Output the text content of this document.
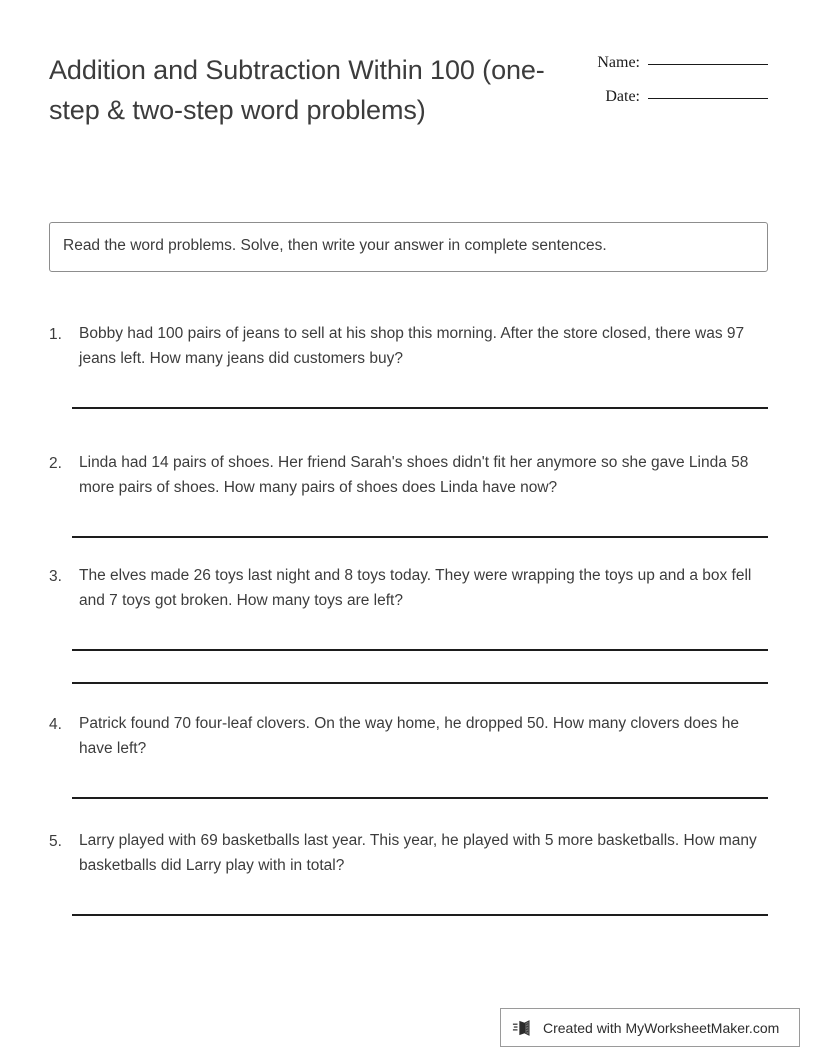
Addition and Subtraction Within 100 (one-step & two-step word problems)
Name:
Date:
Read the word problems. Solve, then write your answer in complete sentences.
1.	Bobby had 100 pairs of jeans to sell at his shop this morning. After the store closed, there was 97 jeans left. How many jeans did customers buy?
2.	Linda had 14 pairs of shoes. Her friend Sarah's shoes didn't fit her anymore so she gave Linda 58 more pairs of shoes. How many pairs of shoes does Linda have now?
3.	The elves made 26 toys last night and 8 toys today. They were wrapping the toys up and a box fell and 7 toys got broken. How many toys are left?
4.	Patrick found 70 four-leaf clovers. On the way home, he dropped 50. How many clovers does he have left?
5.	Larry played with 69 basketballs last year. This year, he played with 5 more basketballs. How many basketballs did Larry play with in total?
Created with MyWorksheetMaker.com
